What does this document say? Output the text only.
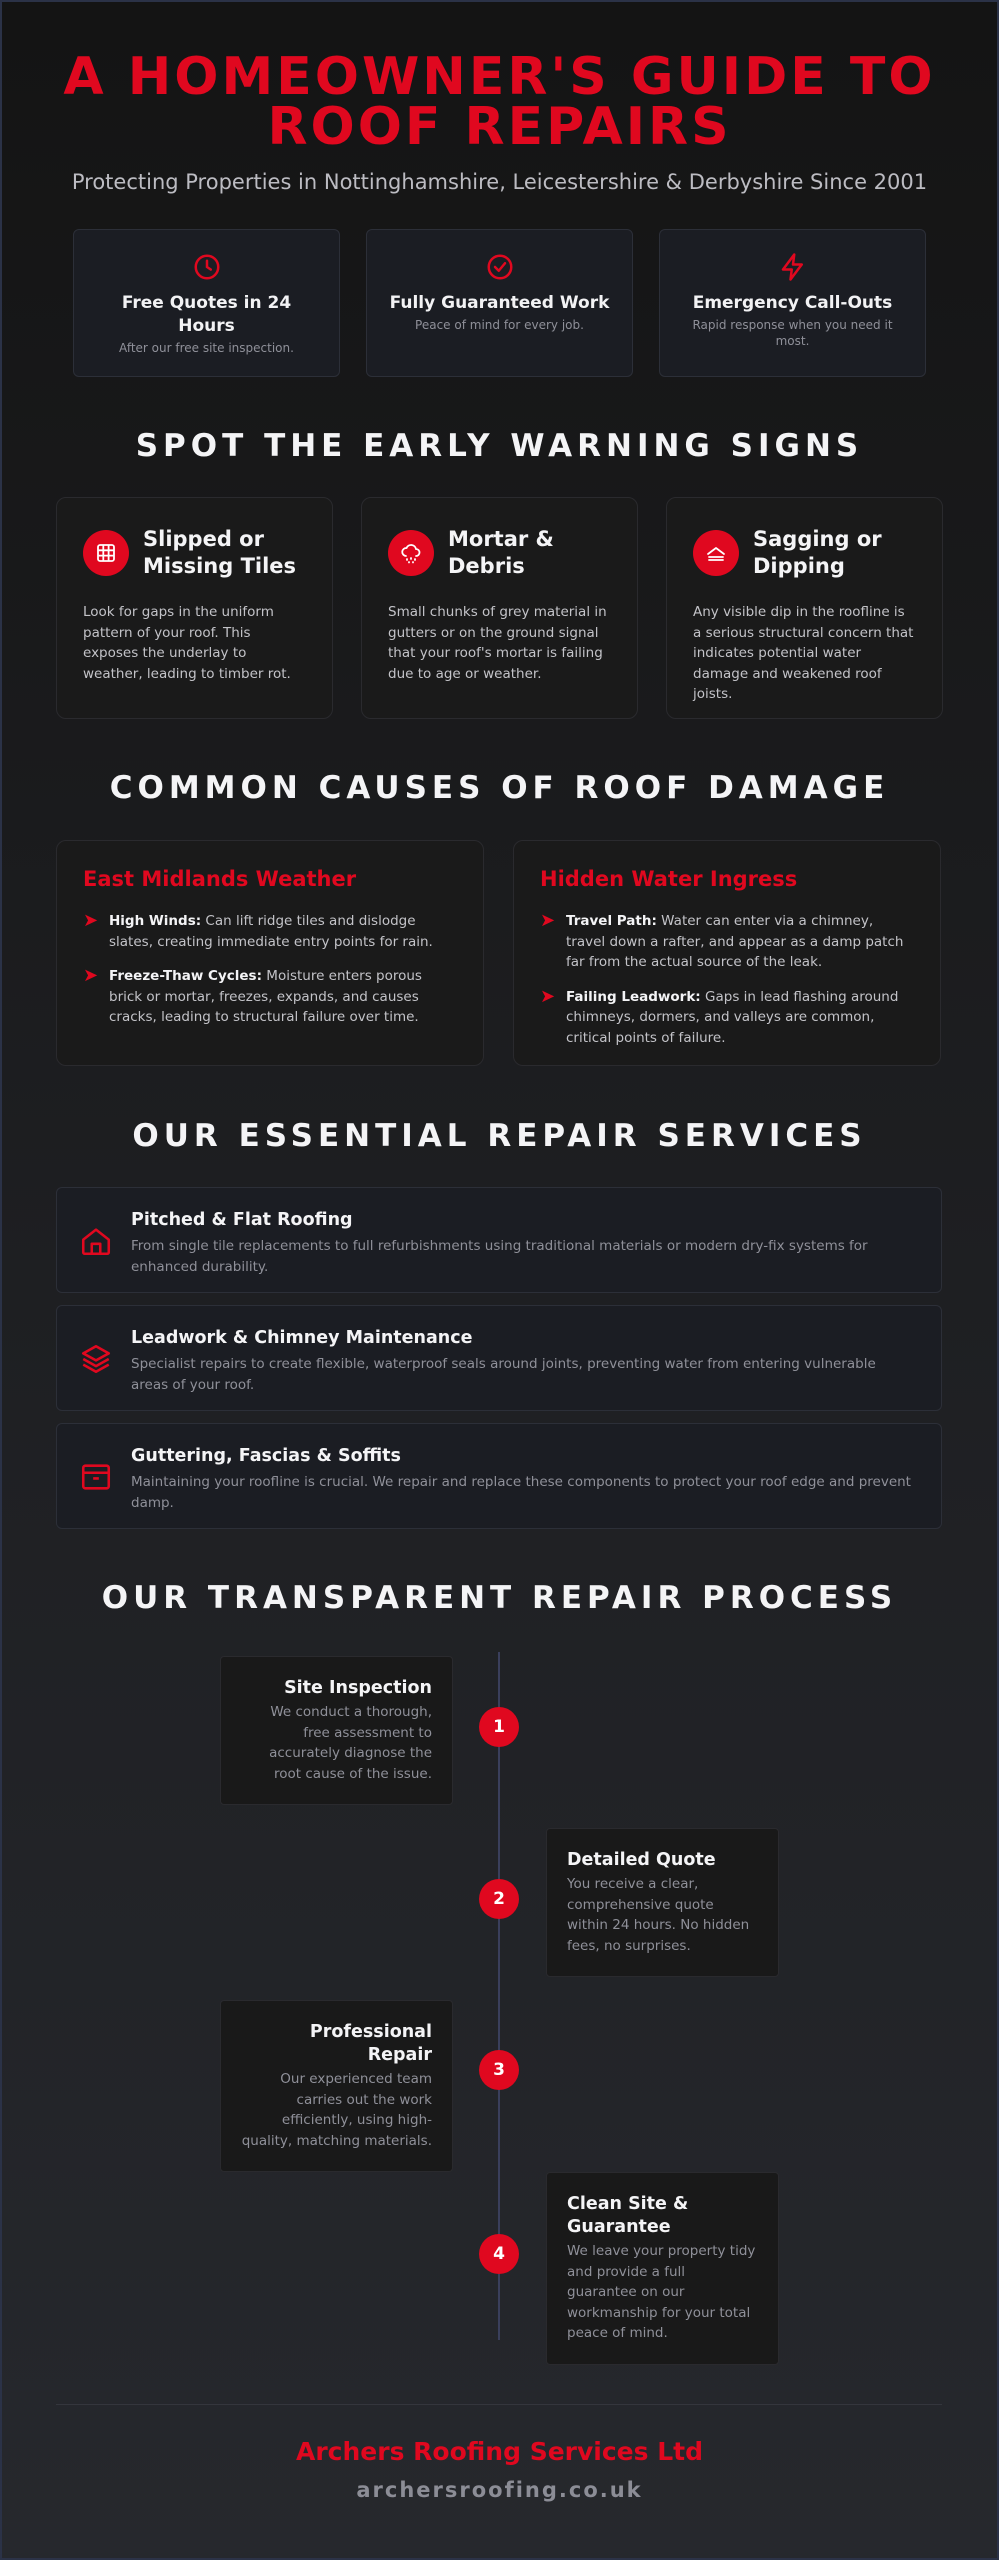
A HOMEOWNER'S GUIDE TO
ROOF REPAIRS

Protecting Properties in Nottinghamshire, Leicestershire & Derbyshire Since 2001

Free Quotes in 24 Hours
After our free site inspection.
Fully Guaranteed Work
Peace of mind for every job.
Emergency Call-Outs
Rapid response when you need it most.
SPOT THE EARLY WARNING SIGNS
Slipped or Missing Tiles

Look for gaps in the uniform pattern of your roof. This exposes the underlay to weather, leading to timber rot.

Mortar & Debris

Small chunks of grey material in gutters or on the ground signal that your roof's mortar is failing due to age or weather.

Sagging or Dipping

Any visible dip in the roofline is a serious structural concern that indicates potential water damage and weakened roof joists.

COMMON CAUSES OF ROOF DAMAGE
East Midlands Weather
➤ High Winds: Can lift ridge tiles and dislodge slates, creating immediate entry points for rain.

➤ Freeze-Thaw Cycles: Moisture enters porous brick or mortar, freezes, expands, and causes cracks, leading to structural failure over time.

Hidden Water Ingress
➤ Travel Path: Water can enter via a chimney, travel down a rafter, and appear as a damp patch far from the actual source of the leak.

➤ Failing Leadwork: Gaps in lead flashing around chimneys, dormers, and valleys are common, critical points of failure.

OUR ESSENTIAL REPAIR SERVICES
Pitched & Flat Roofing

From single tile replacements to full refurbishments using traditional materials or modern dry-fix systems for enhanced durability.

Leadwork & Chimney Maintenance

Specialist repairs to create flexible, waterproof seals around joints, preventing water from entering vulnerable areas of your roof.

Guttering, Fascias & Soffits

Maintaining your roofline is crucial. We repair and replace these components to protect your roof edge and prevent damp.

OUR TRANSPARENT REPAIR PROCESS
Site Inspection

We conduct a thorough, free assessment to accurately diagnose the root cause of the issue.

1
Detailed Quote

You receive a clear, comprehensive quote within 24 hours. No hidden fees, no surprises.

2
Professional Repair

Our experienced team carries out the work efficiently, using high-quality, matching materials.

3
Clean Site & Guarantee

We leave your property tidy and provide a full guarantee on our workmanship for your total peace of mind.

4
Archers Roofing Services Ltd
archersroofing.co.uk
